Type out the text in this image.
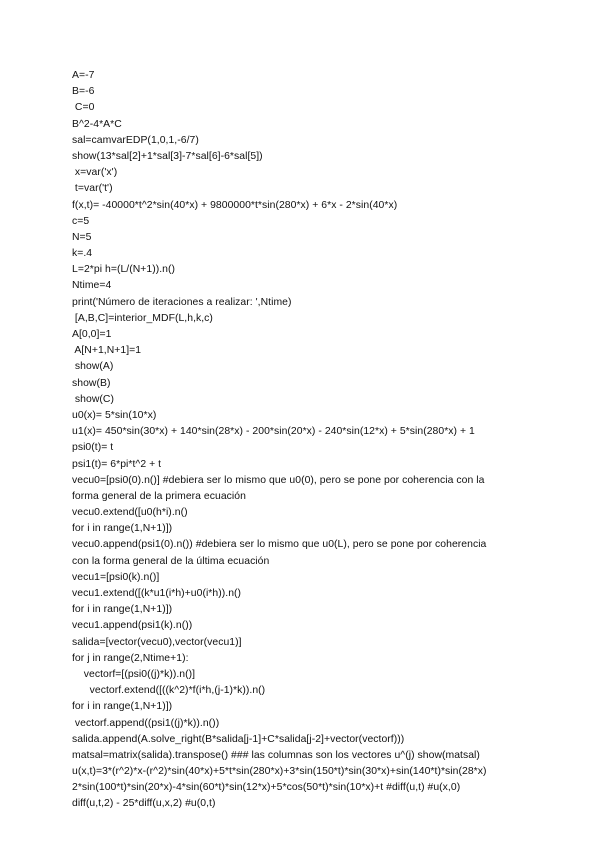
A=-7
B=-6
C=0
B^2-4*A*C
sal=camvarEDP(1,0,1,-6/7)
show(13*sal[2]+1*sal[3]-7*sal[6]-6*sal[5])
x=var('x')
t=var('t')
f(x,t)= -40000*t^2*sin(40*x) + 9800000*t*sin(280*x) + 6*x - 2*sin(40*x)
c=5
N=5
k=.4
L=2*pi h=(L/(N+1)).n()
Ntime=4
print('Número de iteraciones a realizar: ',Ntime)
[A,B,C]=interior_MDF(L,h,k,c)
A[0,0]=1
A[N+1,N+1]=1
show(A)
show(B)
show(C)
u0(x)= 5*sin(10*x)
u1(x)= 450*sin(30*x) + 140*sin(28*x) - 200*sin(20*x) - 240*sin(12*x) + 5*sin(280*x) + 1
psi0(t)= t
psi1(t)= 6*pi*t^2 + t
vecu0=[psi0(0).n()] #debiera ser lo mismo que u0(0), pero se pone por coherencia con la
forma general de la primera ecuación
vecu0.extend([u0(h*i).n()
for i in range(1,N+1)])
vecu0.append(psi1(0).n()) #debiera ser lo mismo que u0(L), pero se pone por coherencia
con la forma general de la última ecuación
vecu1=[psi0(k).n()]
vecu1.extend([(k*u1(i*h)+u0(i*h)).n()
for i in range(1,N+1)])
vecu1.append(psi1(k).n())
salida=[vector(vecu0),vector(vecu1)]
for j in range(2,Ntime+1):
vectorf=[(psi0((j)*k)).n()]
vectorf.extend([((k^2)*f(i*h,(j-1)*k)).n()
for i in range(1,N+1)])
vectorf.append((psi1((j)*k)).n())
salida.append(A.solve_right(B*salida[j-1]+C*salida[j-2]+vector(vectorf)))
matsal=matrix(salida).transpose() ### las columnas son los vectores u^(j) show(matsal)
u(x,t)=3*(r^2)*x-(r^2)*sin(40*x)+5*t*sin(280*x)+3*sin(150*t)*sin(30*x)+sin(140*t)*sin(28*x)
2*sin(100*t)*sin(20*x)-4*sin(60*t)*sin(12*x)+5*cos(50*t)*sin(10*x)+t #diff(u,t) #u(x,0)
diff(u,t,2) - 25*diff(u,x,2) #u(0,t)
